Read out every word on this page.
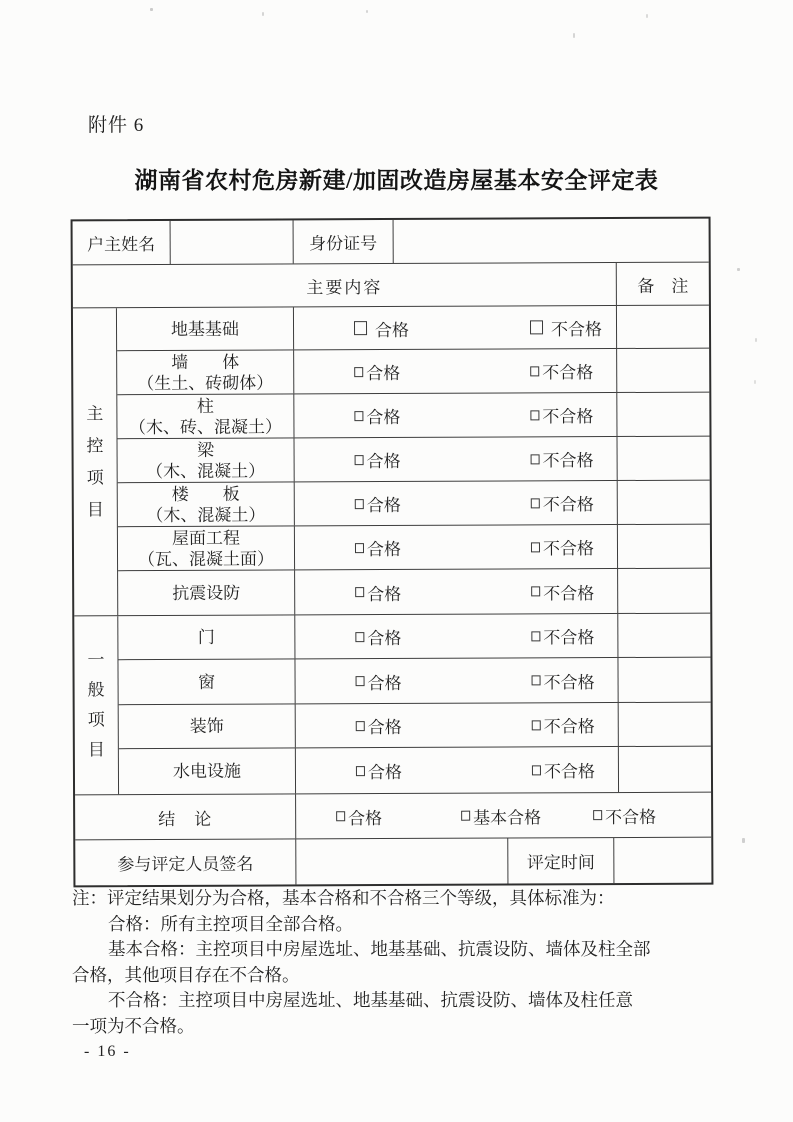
附件 6
湖南省农村危房新建/加固改造房屋基本安全评定表
户主姓名	身份证号
主要内容	备　注
主
控
项
目
地基基础	合格	不合格
墙　　体
（生土、砖砌体）	合格	不合格
柱
（木、砖、混凝土）	合格	不合格
梁
（木、混凝土）	合格	不合格
楼　　板
（木、混凝土）	合格	不合格
屋面工程
（瓦、混凝土面）	合格	不合格
抗震设防	合格	不合格
一
般
项
目
门	合格	不合格
窗	合格	不合格
装饰	合格	不合格
水电设施	合格	不合格
结　论	合格	基本合格	不合格
参与评定人员签名	评定时间
注：评定结果划分为合格，基本合格和不合格三个等级，具体标准为：
合格：所有主控项目全部合格。
基本合格：主控项目中房屋选址、地基基础、抗震设防、墙体及柱全部
合格，其他项目存在不合格。
不合格：主控项目中房屋选址、地基基础、抗震设防、墙体及柱任意
一项为不合格。
- 16 -
